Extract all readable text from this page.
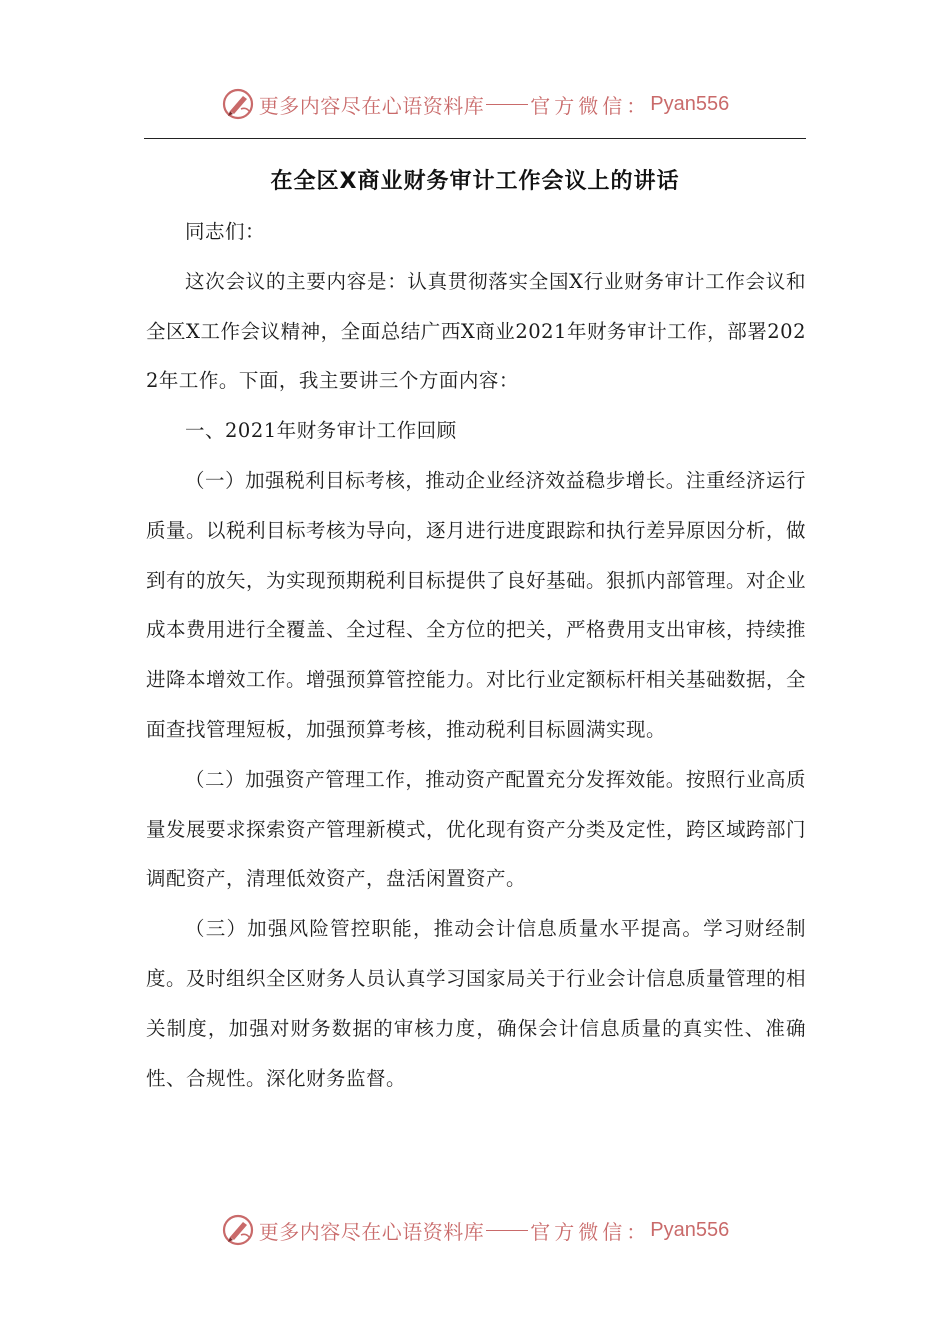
更多内容尽在心语资料库 官方微信： Pyan556
在全区X商业财务审计工作会议上的讲话

同志们：

这次会议的主要内容是：认真贯彻落实全国X行业财务审计工作会议和全区X工作会议精神，全面总结广西X商业2021年财务审计工作，部署2022年工作。下面，我主要讲三个方面内容：

一、2021年财务审计工作回顾

（一）加强税利目标考核，推动企业经济效益稳步增长。注重经济运行质量。以税利目标考核为导向，逐月进行进度跟踪和执行差异原因分析，做到有的放矢，为实现预期税利目标提供了良好基础。狠抓内部管理。对企业成本费用进行全覆盖、全过程、全方位的把关，严格费用支出审核，持续推进降本增效工作。增强预算管控能力。对比行业定额标杆相关基础数据，全面查找管理短板，加强预算考核，推动税利目标圆满实现。

（二）加强资产管理工作，推动资产配置充分发挥效能。按照行业高质量发展要求探索资产管理新模式，优化现有资产分类及定性，跨区域跨部门调配资产，清理低效资产，盘活闲置资产。

（三）加强风险管控职能，推动会计信息质量水平提高。学习财经制度。及时组织全区财务人员认真学习国家局关于行业会计信息质量管理的相关制度，加强对财务数据的审核力度，确保会计信息质量的真实性、准确性、合规性。深化财务监督。

更多内容尽在心语资料库 官方微信： Pyan556
